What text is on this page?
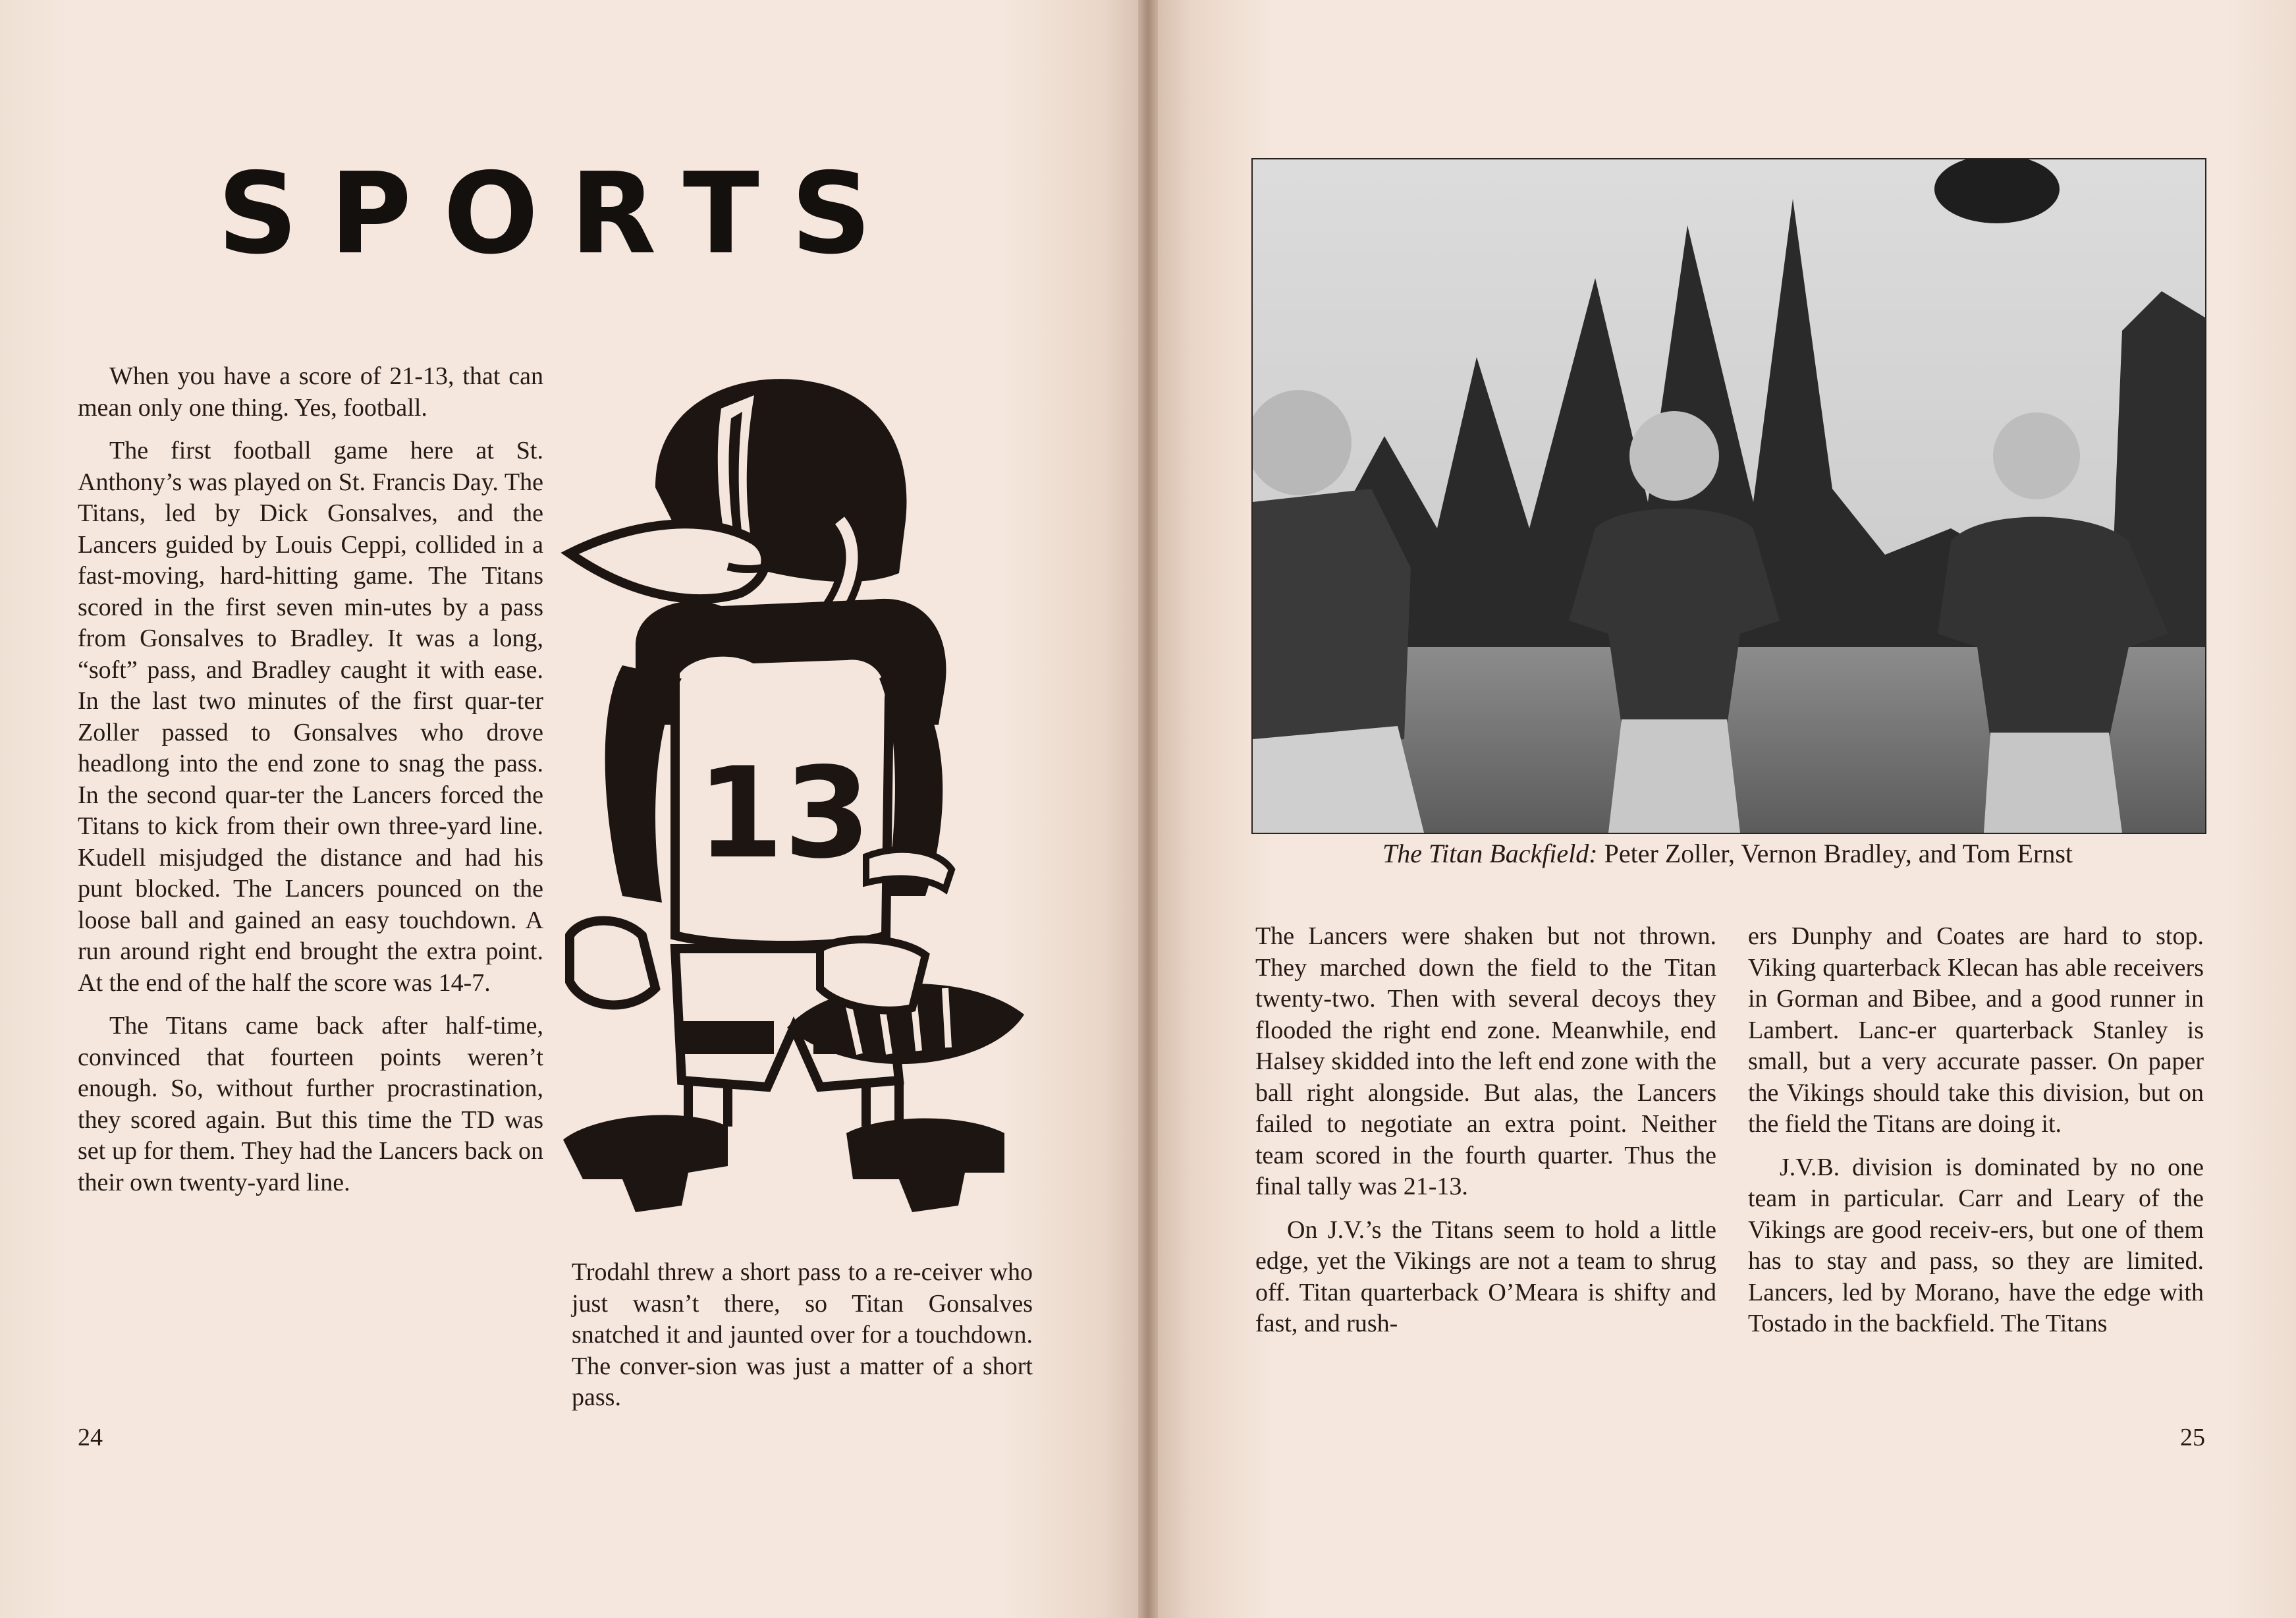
SPORTS

When you have a score of 21-13, that can mean only one thing. Yes, football.

The first football game here at St. Anthony’s was played on St. Francis Day. The Titans, led by Dick Gonsalves, and the Lancers guided by Louis Ceppi, collided in a fast-moving, hard-hitting game. The Titans scored in the first seven min-utes by a pass from Gonsalves to Bradley. It was a long, “soft” pass, and Bradley caught it with ease. In the last two minutes of the first quar-ter Zoller passed to Gonsalves who drove headlong into the end zone to snag the pass. In the second quar-ter the Lancers forced the Titans to kick from their own three-yard line. Kudell misjudged the distance and had his punt blocked. The Lancers pounced on the loose ball and gained an easy touchdown. A run around right end brought the extra point. At the end of the half the score was 14-7.

The Titans came back after half-time, convinced that fourteen points weren’t enough. So, without further procrastination, they scored again. But this time the TD was set up for them. They had the Lancers back on their own twenty-yard line.

13

Trodahl threw a short pass to a re-ceiver who just wasn’t there, so Titan Gonsalves snatched it and jaunted over for a touchdown. The conver-sion was just a matter of a short pass.

24
The Titan Backfield: Peter Zoller, Vernon Bradley, and Tom Ernst

The Lancers were shaken but not thrown. They marched down the field to the Titan twenty-two. Then with several decoys they flooded the right end zone. Meanwhile, end Halsey skidded into the left end zone with the ball right alongside. But alas, the Lancers failed to negotiate an extra point. Neither team scored in the fourth quarter. Thus the final tally was 21-13.

On J.V.’s the Titans seem to hold a little edge, yet the Vikings are not a team to shrug off. Titan quarterback O’Meara is shifty and fast, and rush-

ers Dunphy and Coates are hard to stop. Viking quarterback Klecan has able receivers in Gorman and Bibee, and a good runner in Lambert. Lanc-er quarterback Stanley is small, but a very accurate passer. On paper the Vikings should take this division, but on the field the Titans are doing it.

J.V.B. division is dominated by no one team in particular. Carr and Leary of the Vikings are good receiv-ers, but one of them has to stay and pass, so they are limited. Lancers, led by Morano, have the edge with Tostado in the backfield. The Titans

25
